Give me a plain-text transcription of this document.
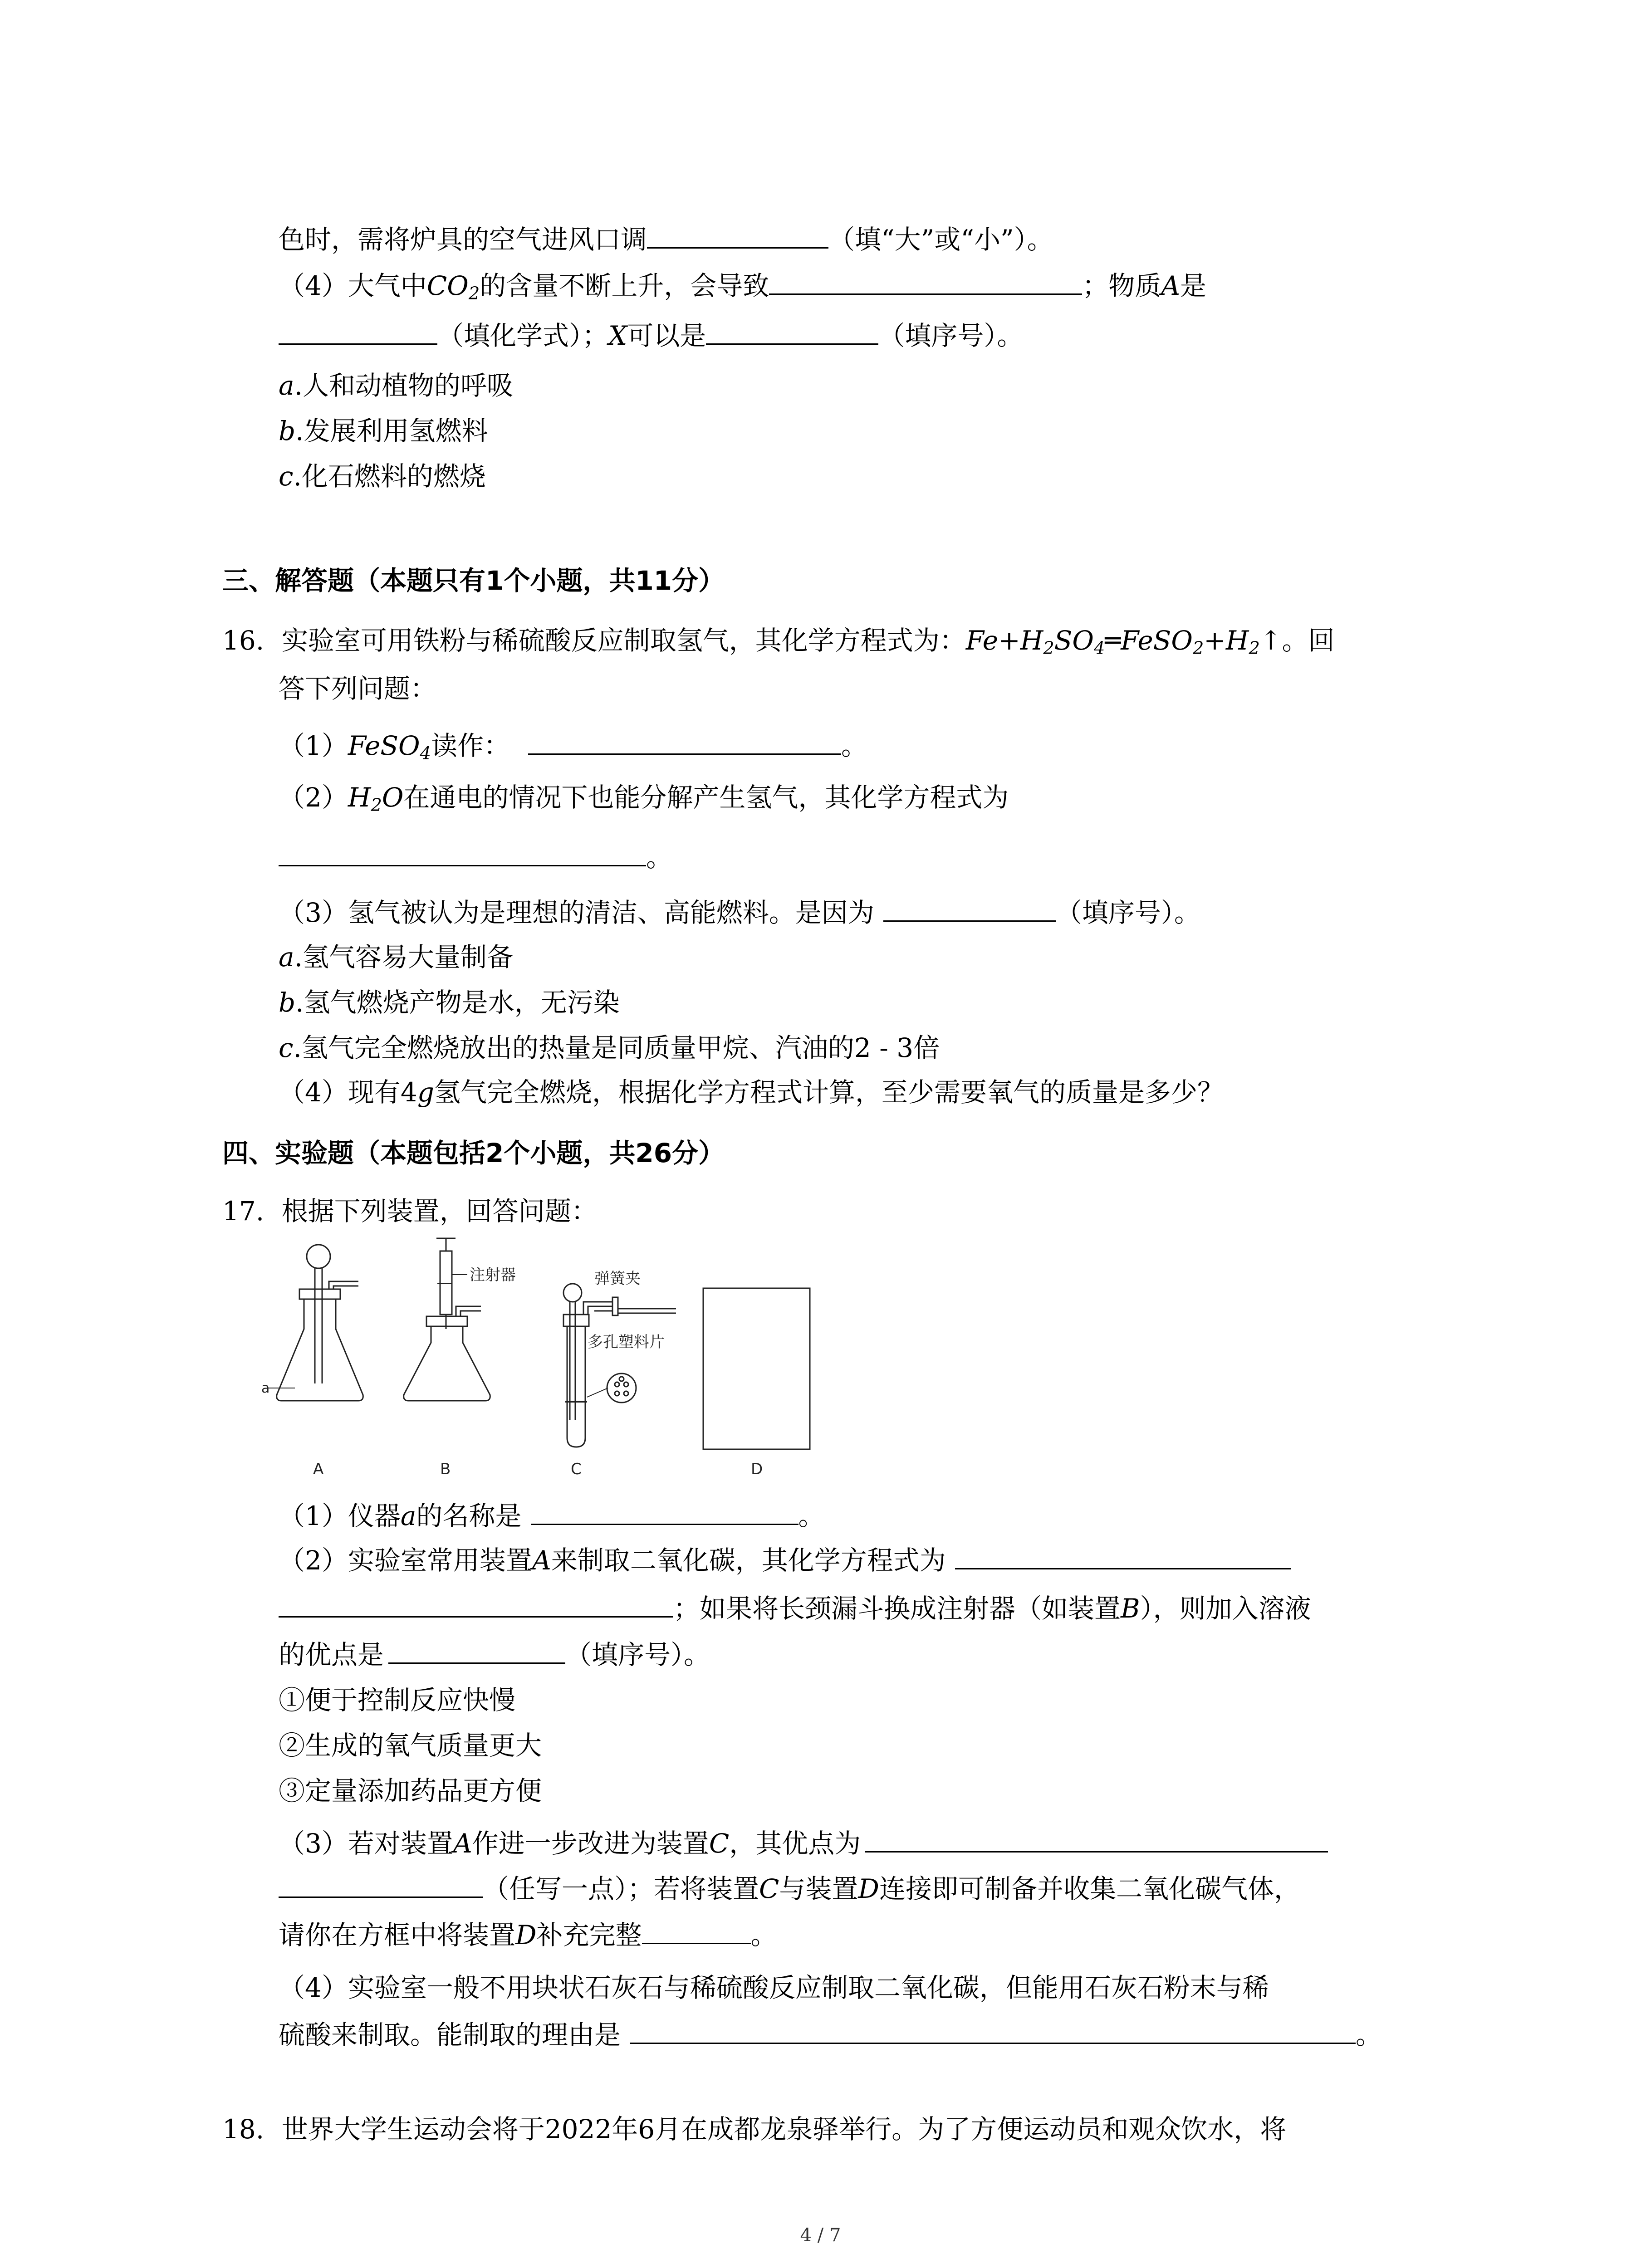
色时，需将炉具的空气进风口调	（填“大”或“小”）。
（4）大气中$CO_2$的含量不断上升，会导致	；物质A是
（填化学式）；X可以是	（填序号）。
a.人和动植物的呼吸
b.发展利用氢燃料
c.化石燃料的燃烧
三、解答题（本题只有1个小题，共11分）
16. 实验室可用铁粉与稀硫酸反应制取氢气，其化学方程式为：$Fe+H_2SO_4═FeSO_2+H_2↑$。回
答下列问题：
（1）FeSO$_4$读作：	。
$(2)H_2O$在通电的情况下也能分解产生氢气，其化学方程式为
。
（3）氢气被认为是理想的清洁、高能燃料。是因为	（填序号）。
a.氢气容易大量制备
b.氢气燃烧产物是水，无污染
c.氢气完全燃烧放出的热量是同质量甲烷、汽油的2 - 3倍
（4）现有4g氢气完全燃烧，根据化学方程式计算，至少需要氧气的质量是多少？
四、实验题（本题包括2个小题，共26分）
17. 根据下列装置，回答问题：
a
A
注射器
B
弹簧夹
多孔塑料片
C	D
（1）仪器a的名称是	。
（2）实验室常用装置A来制取二氧化碳，其化学方程式为
；如果将长颈漏斗换成注射器（如装置B），则加入溶液
的优点是	（填序号）。
①便于控制反应快慢
②生成的氧气质量更大
③定量添加药品更方便
（3）若对装置A作进一步改进为装置C，其优点为
（任写一点）；若将装置C与装置D连接即可制备并收集二氧化碳气体，
请你在方框中将装置D补充完整	。
（4）实验室一般不用块状石灰石与稀硫酸反应制取二氧化碳，但能用石灰石粉末与稀
硫酸来制取。能制取的理由是	。
18. 世界大学生运动会将于2022年6月在成都龙泉驿举行。为了方便运动员和观众饮水，将
4 / 7
